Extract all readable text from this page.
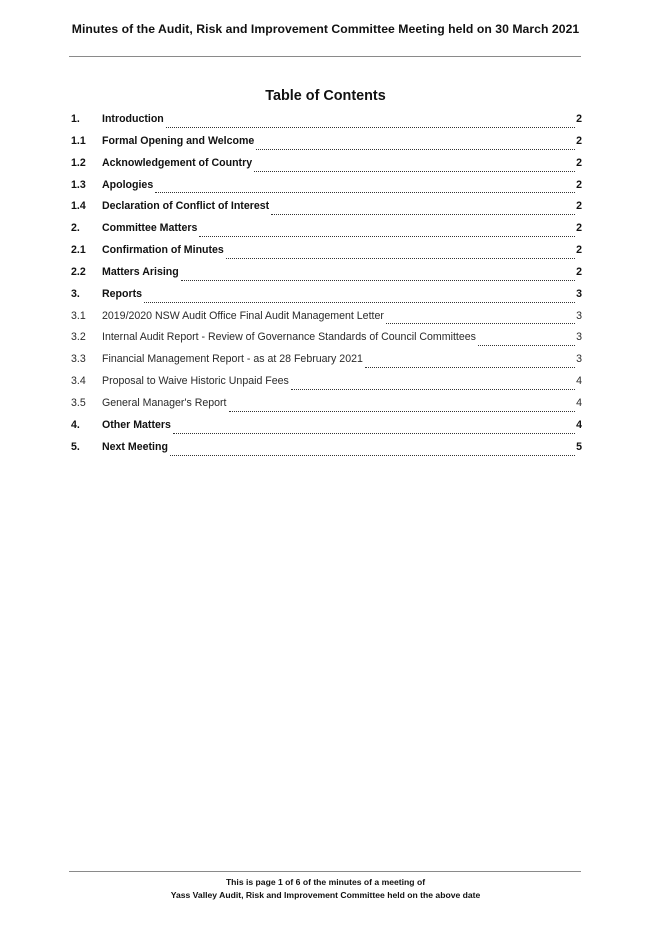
Minutes of the Audit, Risk and Improvement Committee Meeting held on 30 March 2021
Table of Contents
1.	Introduction	2
1.1	Formal Opening and Welcome	2
1.2	Acknowledgement of Country	2
1.3	Apologies	2
1.4	Declaration of Conflict of Interest	2
2.	Committee Matters	2
2.1	Confirmation of Minutes	2
2.2	Matters Arising	2
3.	Reports	3
3.1	2019/2020 NSW Audit Office Final Audit Management Letter	3
3.2	Internal Audit Report - Review of Governance Standards of Council Committees	3
3.3	Financial Management Report - as at 28 February 2021	3
3.4	Proposal to Waive Historic Unpaid Fees	4
3.5	General Manager's Report	4
4.	Other Matters	4
5.	Next Meeting	5
This is page 1 of 6 of the minutes of a meeting of
Yass Valley Audit, Risk and Improvement Committee held on the above date
